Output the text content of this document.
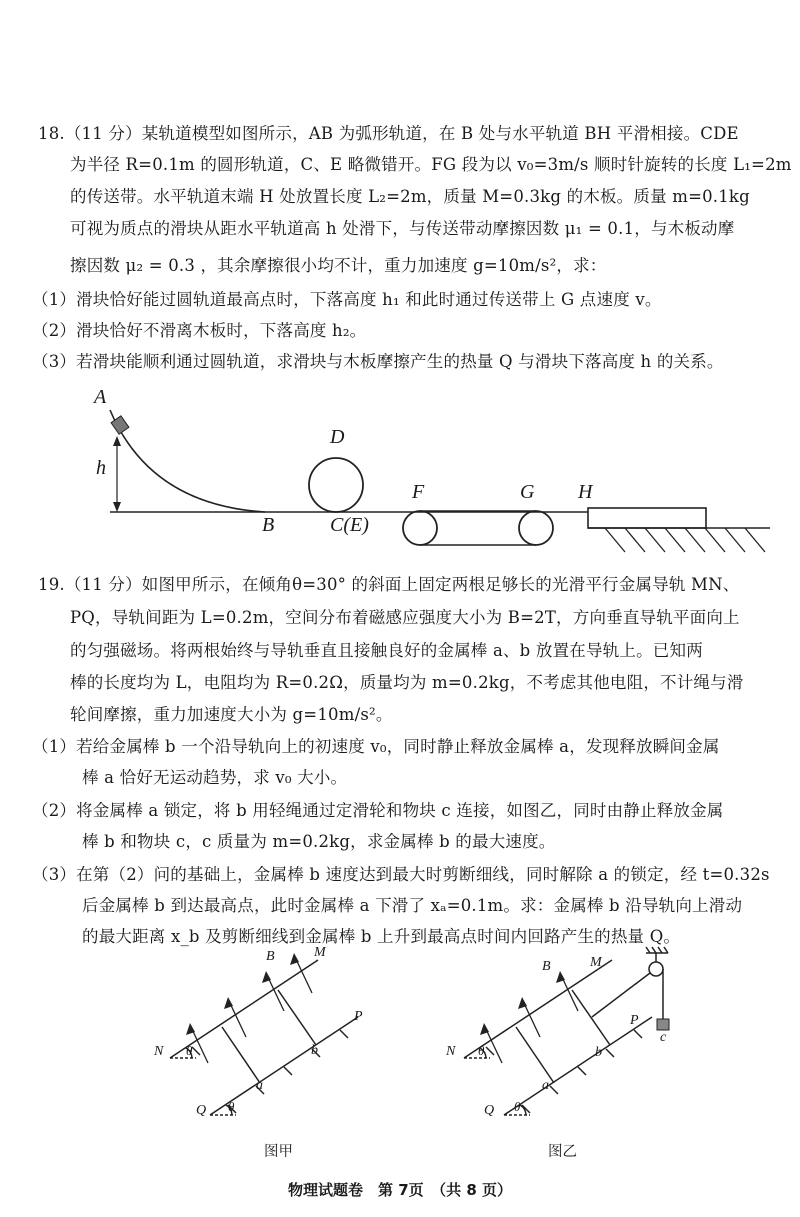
18.（11 分）某轨道模型如图所示，AB 为弧形轨道，在 B 处与水平轨道 BH 平滑相接。CDE
为半径 R=0.1m 的圆形轨道，C、E 略微错开。FG 段为以 v₀=3m/s 顺时针旋转的长度 L₁=2m
的传送带。水平轨道末端 H 处放置长度 L₂=2m，质量 M=0.3kg 的木板。质量 m=0.1kg
可视为质点的滑块从距水平轨道高 h 处滑下，与传送带动摩擦因数 μ₁ = 0.1，与木板动摩
擦因数 μ₂ = 0.3 ，其余摩擦很小均不计，重力加速度 g=10m/s²，求：
（1）滑块恰好能过圆轨道最高点时，下落高度 h₁ 和此时通过传送带上 G 点速度 v。
（2）滑块恰好不滑离木板时，下落高度 h₂。
（3）若滑块能顺利通过圆轨道，求滑块与木板摩擦产生的热量 Q 与滑块下落高度 h 的关系。
A
h
B
D
C(E)
F	G H
19.（11 分）如图甲所示，在倾角θ=30° 的斜面上固定两根足够长的光滑平行金属导轨 MN、
PQ，导轨间距为 L=0.2m，空间分布着磁感应强度大小为 B=2T，方向垂直导轨平面向上
的匀强磁场。将两根始终与导轨垂直且接触良好的金属棒 a、b 放置在导轨上。已知两
棒的长度均为 L，电阻均为 R=0.2Ω，质量均为 m=0.2kg，不考虑其他电阻，不计绳与滑
轮间摩擦，重力加速度大小为 g=10m/s²。
（1）若给金属棒 b 一个沿导轨向上的初速度 v₀，同时静止释放金属棒 a，发现释放瞬间金属
棒 a 恰好无运动趋势，求 v₀ 大小。
（2）将金属棒 a 锁定，将 b 用轻绳通过定滑轮和物块 c 连接，如图乙，同时由静止释放金属
棒 b 和物块 c，c 质量为 m=0.2kg，求金属棒 b 的最大速度。
（3）在第（2）问的基础上，金属棒 b 速度达到最大时剪断细线，同时解除 a 的锁定，经 t=0.32s
后金属棒 b 到达最高点，此时金属棒 a 下滑了 xₐ=0.1m。求：金属棒 b 沿导轨向上滑动
的最大距离 x_b 及剪断细线到金属棒 b 上升到最高点时间内回路产生的热量 Q。
B	M
P
N θ	b
a
Q θ
图甲
B	M
P
c
N θ	b
a
Q θ
图乙
物理试题卷　第 7页　（共 8 页）
